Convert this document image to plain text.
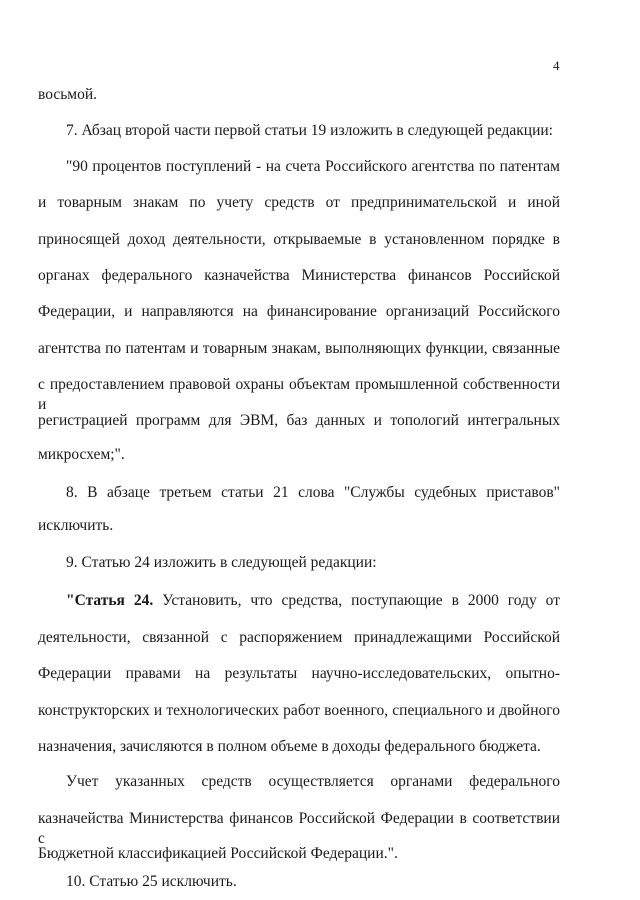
4
восьмой.
7. Абзац второй части первой статьи 19 изложить в следующей редакции:
"90 процентов поступлений - на счета Российского агентства по патентам
и товарным знакам по учету средств от предпринимательской и иной
приносящей доход деятельности, открываемые в установленном порядке в
органах федерального казначейства Министерства финансов Российской
Федерации, и направляются на финансирование организаций Российского
агентства по патентам и товарным знакам, выполняющих функции, связанные
с предоставлением правовой охраны объектам промышленной собственности и
регистрацией программ для ЭВМ, баз данных и топологий интегральных
микросхем;".
8. В абзаце третьем статьи 21 слова "Службы судебных приставов"
исключить.
9. Статью 24 изложить в следующей редакции:
"Статья 24. Установить, что средства, поступающие в 2000 году от
деятельности, связанной с распоряжением принадлежащими Российской
Федерации правами на результаты научно-исследовательских, опытно-
конструкторских и технологических работ военного, специального и двойного
назначения, зачисляются в полном объеме в доходы федерального бюджета.
Учет указанных средств осуществляется органами федерального
казначейства Министерства финансов Российской Федерации в соответствии с
Бюджетной классификацией Российской Федерации.".
10. Статью 25 исключить.
